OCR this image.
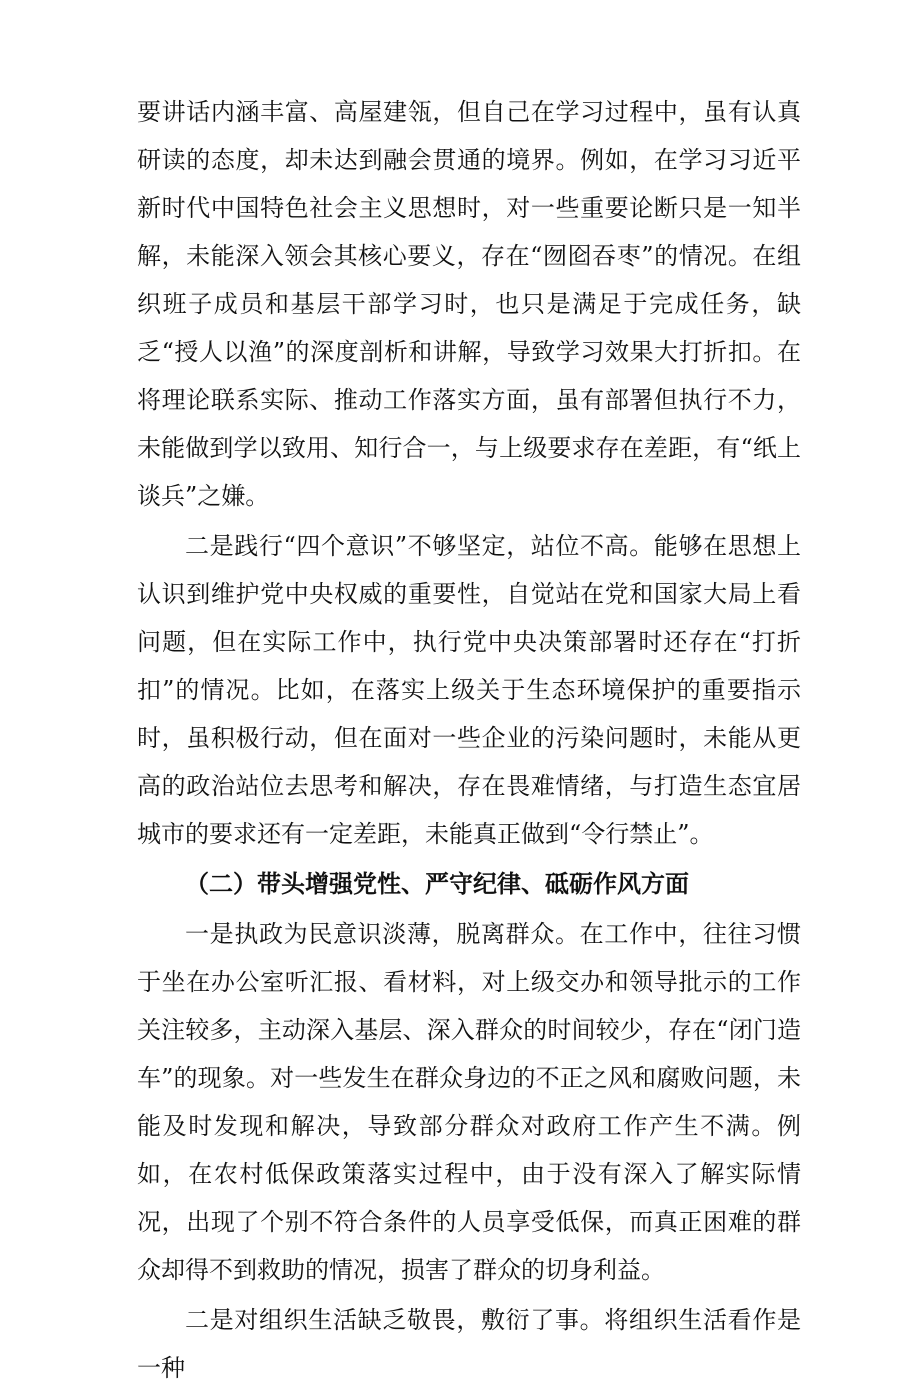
要讲话内涵丰富、高屋建瓴，但自己在学习过程中，虽有认真研读的态度，却未达到融会贯通的境界。例如，在学习习近平新时代中国特色社会主义思想时，对一些重要论断只是一知半解，未能深入领会其核心要义，存在“囫囵吞枣”的情况。在组织班子成员和基层干部学习时，也只是满足于完成任务，缺乏“授人以渔”的深度剖析和讲解，导致学习效果大打折扣。在将理论联系实际、推动工作落实方面，虽有部署但执行不力，未能做到学以致用、知行合一，与上级要求存在差距，有“纸上谈兵”之嫌。

二是践行“四个意识”不够坚定，站位不高。能够在思想上认识到维护党中央权威的重要性，自觉站在党和国家大局上看问题，但在实际工作中，执行党中央决策部署时还存在“打折扣”的情况。比如，在落实上级关于生态环境保护的重要指示时，虽积极行动，但在面对一些企业的污染问题时，未能从更高的政治站位去思考和解决，存在畏难情绪，与打造生态宜居城市的要求还有一定差距，未能真正做到“令行禁止”。

（二）带头增强党性、严守纪律、砥砺作风方面

一是执政为民意识淡薄，脱离群众。在工作中，往往习惯于坐在办公室听汇报、看材料，对上级交办和领导批示的工作关注较多，主动深入基层、深入群众的时间较少，存在“闭门造车”的现象。对一些发生在群众身边的不正之风和腐败问题，未能及时发现和解决，导致部分群众对政府工作产生不满。例如，在农村低保政策落实过程中，由于没有深入了解实际情况，出现了个别不符合条件的人员享受低保，而真正困难的群众却得不到救助的情况，损害了群众的切身利益。

二是对组织生活缺乏敬畏，敷衍了事。将组织生活看作是一种
